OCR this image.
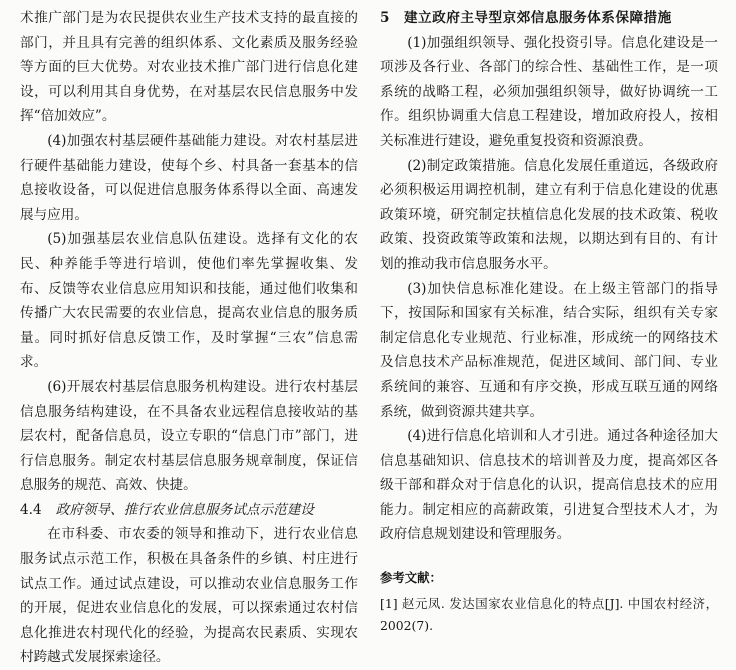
术推广部门是为农民提供农业生产技术支持的最直接的部门，并且具有完善的组织体系、文化素质及服务经验等方面的巨大优势。对农业技术推广部门进行信息化建设，可以利用其自身优势，在对基层农民信息服务中发挥“倍加效应”。

(4)加强农村基层硬件基础能力建设。对农村基层进行硬件基础能力建设，使每个乡、村具备一套基本的信息接收设备，可以促进信息服务体系得以全面、高速发展与应用。

(5)加强基层农业信息队伍建设。选择有文化的农民、种养能手等进行培训，使他们率先掌握收集、发布、反馈等农业信息应用知识和技能，通过他们收集和传播广大农民需要的农业信息，提高农业信息的服务质量。同时抓好信息反馈工作，及时掌握“三农”信息需求。

(6)开展农村基层信息服务机构建设。进行农村基层信息服务结构建设，在不具备农业远程信息接收站的基层农村，配备信息员，设立专职的“信息门市”部门，进行信息服务。制定农村基层信息服务规章制度，保证信息服务的规范、高效、快捷。

4.4 政府领导、推行农业信息服务试点示范建设

在市科委、市农委的领导和推动下，进行农业信息服务试点示范工作，积极在具备条件的乡镇、村庄进行试点工作。通过试点建设，可以推动农业信息服务工作的开展，促进农业信息化的发展，可以探索通过农村信息化推进农村现代化的经验，为提高农民素质、实现农村跨越式发展探索途径。

5 建立政府主导型京郊信息服务体系保障措施

(1)加强组织领导、强化投资引导。信息化建设是一项涉及各行业、各部门的综合性、基础性工作，是一项系统的战略工程，必须加强组织领导，做好协调统一工作。组织协调重大信息工程建设，增加政府投人，按相关标准进行建设，避免重复投资和资源浪费。

(2)制定政策措施。信息化发展任重道远，各级政府必须积极运用调控机制，建立有利于信息化建设的优惠政策环境，研究制定扶植信息化发展的技术政策、税收政策、投资政策等政策和法规，以期达到有目的、有计划的推动我市信息服务水平。

(3)加快信息标准化建设。在上级主管部门的指导下，按国际和国家有关标准，结合实际，组织有关专家制定信息化专业规范、行业标准，形成统一的网络技术及信息技术产品标准规范，促进区域间、部门间、专业系统间的兼容、互通和有序交换，形成互联互通的网络系统，做到资源共建共享。

(4)进行信息化培训和人才引进。通过各种途径加大信息基础知识、信息技术的培训普及力度，提高郊区各级干部和群众对于信息化的认识，提高信息技术的应用能力。制定相应的高薪政策，引进复合型技术人才，为政府信息规划建设和管理服务。

参考文献：
[1] 赵元凤. 发达国家农业信息化的特点[J]. 中国农村经济，2002(7).
